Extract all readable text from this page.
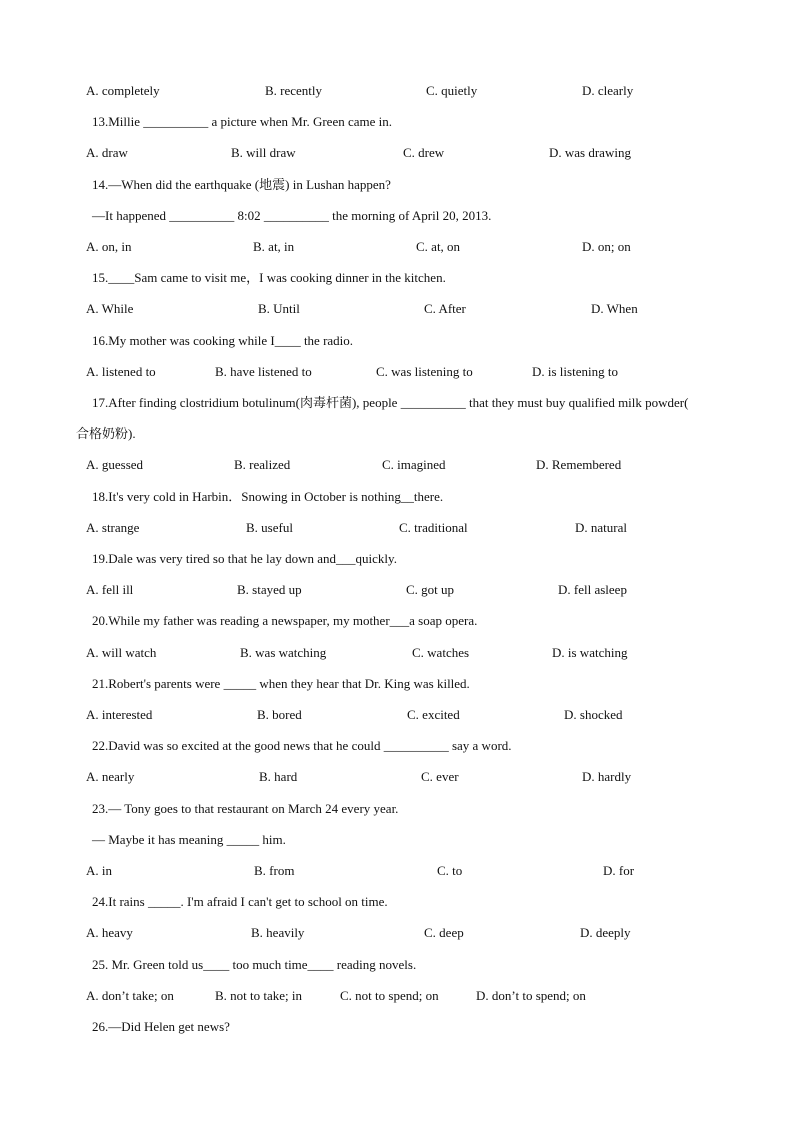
A. completely	B. recently	C. quietly	D. clearly
13.Millie __________ a picture when Mr. Green came in.
A. draw	B. will draw	C. drew	D. was drawing
14.—When did the earthquake (地震) in Lushan happen?
—It happened __________ 8:02 __________ the morning of April 20, 2013.
A. on, in	B. at, in	C. at, on	D. on; on
15.____Sam came to visit me，I was cooking dinner in the kitchen.
A. While	B. Until	C. After	D. When
16.My mother was cooking while I____ the radio.
A. listened to	B. have listened to	C. was listening to	D. is listening to
17.After finding clostridium botulinum(肉毒杆菌), people __________ that they must buy qualified milk powder(
合格奶粉).
A. guessed	B. realized	C. imagined	D. Remembered
18.It's very cold in Harbin．Snowing in October is nothing__there.
A. strange	B. useful	C. traditional	D. natural
19.Dale was very tired so that he lay down and___quickly.
A. fell ill	B. stayed up	C. got up	D. fell asleep
20.While my father was reading a newspaper, my mother___a soap opera.
A. will watch	B. was watching	C. watches	D. is watching
21.Robert's parents were _____ when they hear that Dr. King was killed.
A. interested	B. bored	C. excited	D. shocked
22.David was so excited at the good news that he could __________ say a word.
A. nearly	B. hard	C. ever	D. hardly
23.— Tony goes to that restaurant on March 24 every year.
— Maybe it has meaning _____ him.
A. in	B. from	C. to	D. for
24.It rains _____. I'm afraid I can't get to school on time.
A. heavy	B. heavily	C. deep	D. deeply
25. Mr. Green told us____ too much time____ reading novels.
A. don’t take; on	B. not to take; in	C. not to spend; on	D. don’t to spend; on
26.—Did Helen get news?
